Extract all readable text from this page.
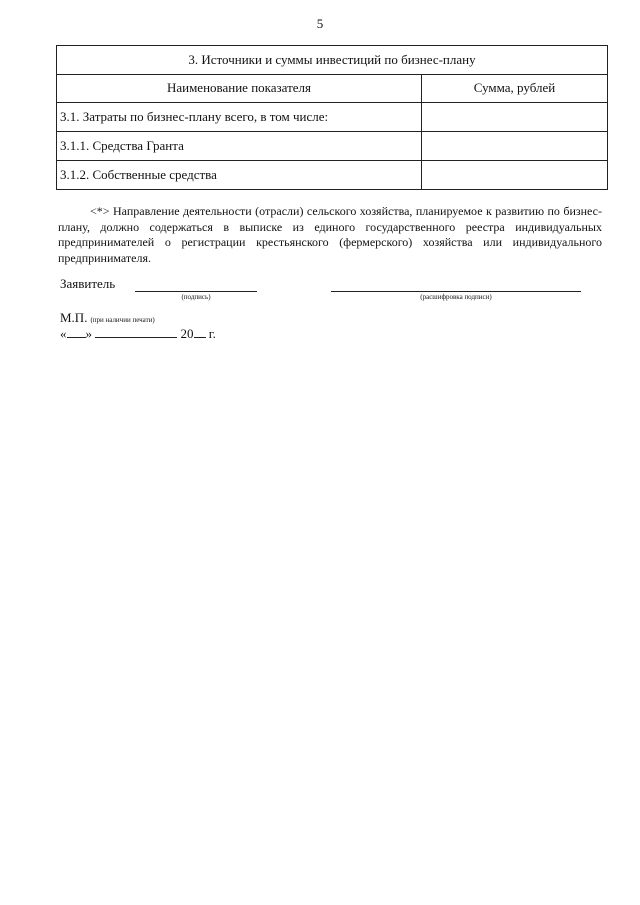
5
3. Источники и суммы инвестиций по бизнес-плану	
Наименование показателя	Сумма, рублей
3.1. Затраты по бизнес-плану всего, в том числе:	
3.1.1. Средства Гранта	
3.1.2. Собственные средства	
<*> Направление деятельности (отрасли) сельского хозяйства, планируемое к развитию по бизнес-плану, должно содержаться в выписке из единого государственного реестра индивидуальных предпринимателей о регистрации крестьянского (фермерского) хозяйства или индивидуального предпринимателя.
Заявитель
(подпись)	(расшифровка подписи)
М.П. (при наличии печати)
« »	20 г.
